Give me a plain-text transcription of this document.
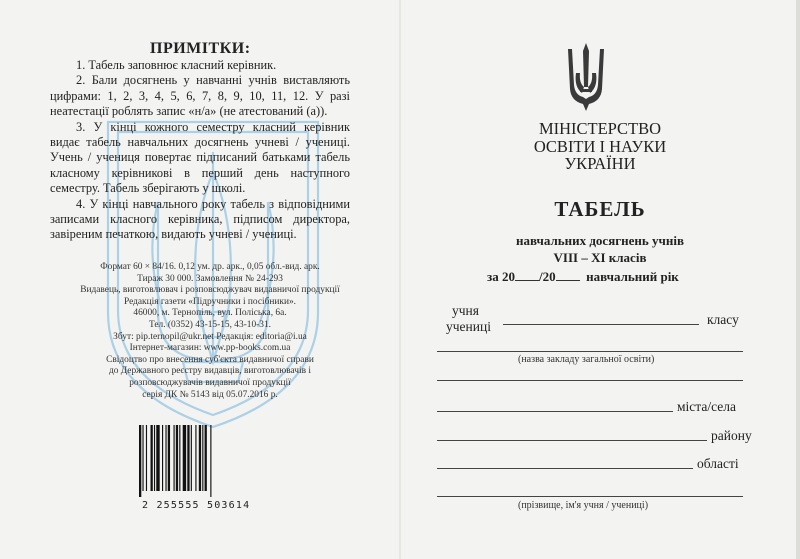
ПРИМІТКИ:

1. Табель заповнює класний керівник.

2. Бали досягнень у навчанні учнів виставляють цифрами: 1, 2, 3, 4, 5, 6, 7, 8, 9, 10, 11, 12. У разі неатестації роблять запис «н/а» (не атестований (а)).

3. У кінці кожного семестру класний керівник видає табель навчальних досягнень учневі / учениці. Учень / учениця повертає підписаний батьками табель класному керівникові в перший день наступного семестру. Табель зберігають у школі.

4. У кінці навчального року табель з відповідними записами класного керівника, підписом директора, завіреним печаткою, видають учневі / учениці.

Формат 60 × 84/16. 0,12 ум. др. арк., 0,05 обл.-вид. арк.
Тираж 30 000. Замовлення № 24-293
Видавець, виготовлювач і розповсюджувач видавничої продукції
Редакція газети «Підручники і посібники».
46000, м. Тернопіль, вул. Поліська, 6а.
Тел. (0352) 43-15-15, 43-10-31.
Збут: pip.ternopil@ukr.net Редакція: editoria@i.ua
Інтернет-магазин: www.pp-books.com.ua
Свідоцтво про внесення суб'єкта видавничої справи
до Державного реєстру видавців, виготовлювачів і
розповсюджувачів видавничої продукції
серія ДК № 5143 від 05.07.2016 р.
2 255555 503614
МІНІСТЕРСТВО
ОСВІТИ І НАУКИ
УКРАЇНИ
ТАБЕЛЬ
навчальних досягнень учнів
VIII – XI класів
за 20 /20 навчальний рік
учня
учениці	класу
(назва закладу загальної освіти)
міста/села
району
області
(прізвище, ім'я учня / учениці)
